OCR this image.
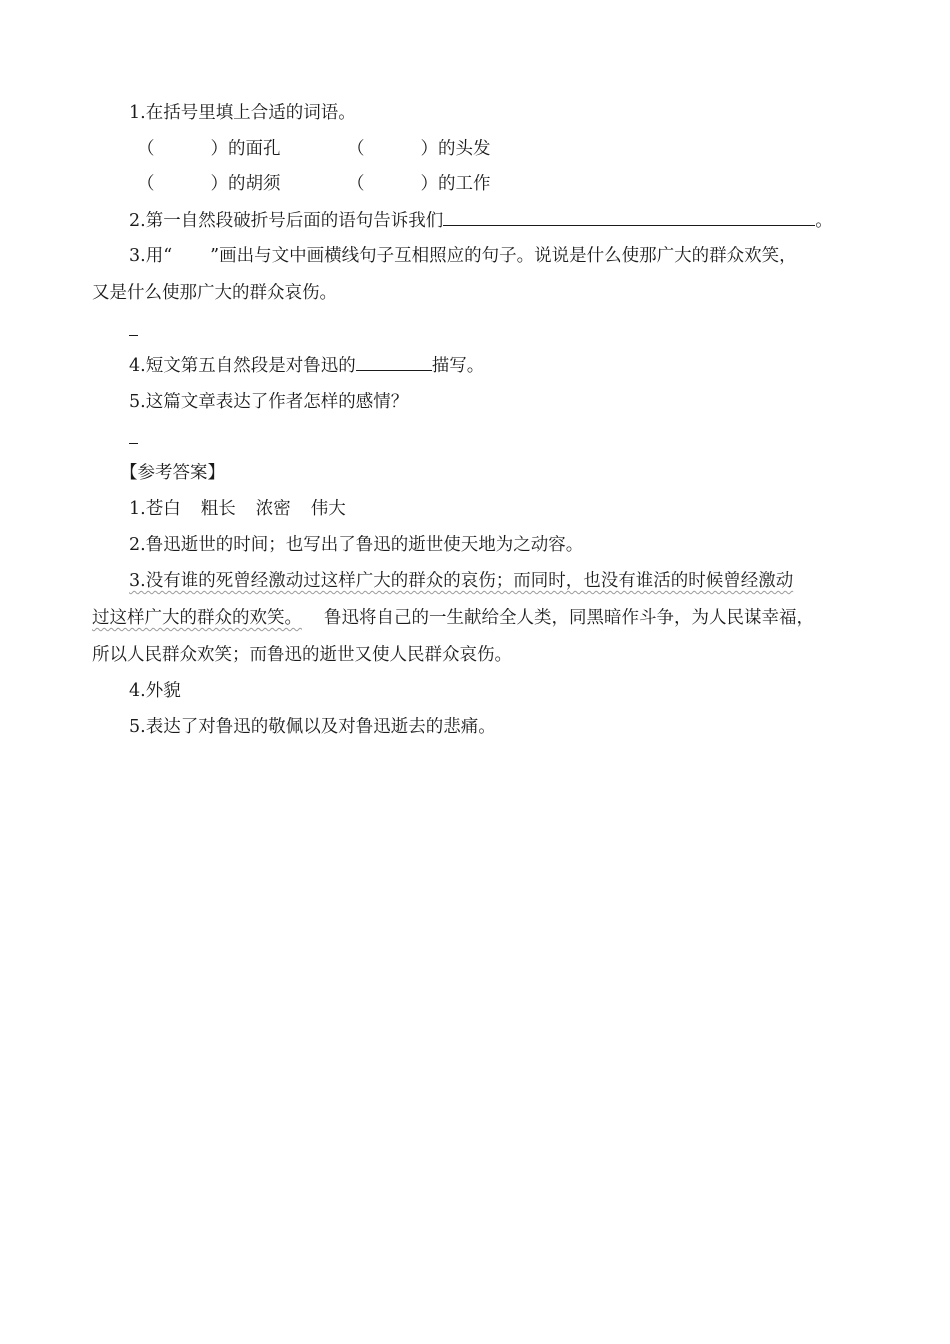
1.在括号里填上合适的词语。
（	）的面孔	（	）的头发
（	）的胡须	（	）的工作
2.第一自然段破折号后面的语句告诉我们	。
3.用“ ”画出与文中画横线句子互相照应的句子。说说是什么使那广大的群众欢笑，
又是什么使那广大的群众哀伤。
4.短文第五自然段是对鲁迅的	描写。
5.这篇文章表达了作者怎样的感情？
【参考答案】
1.苍白 粗长 浓密 伟大
2.鲁迅逝世的时间；也写出了鲁迅的逝世使天地为之动容。
3.没有谁的死曾经激动过这样广大的群众的哀伤；而同时，也没有谁活的时候曾经激动
过这样广大的群众的欢笑。 鲁迅将自己的一生献给全人类，同黑暗作斗争，为人民谋幸福，
所以人民群众欢笑；而鲁迅的逝世又使人民群众哀伤。
4.外貌
5.表达了对鲁迅的敬佩以及对鲁迅逝去的悲痛。
